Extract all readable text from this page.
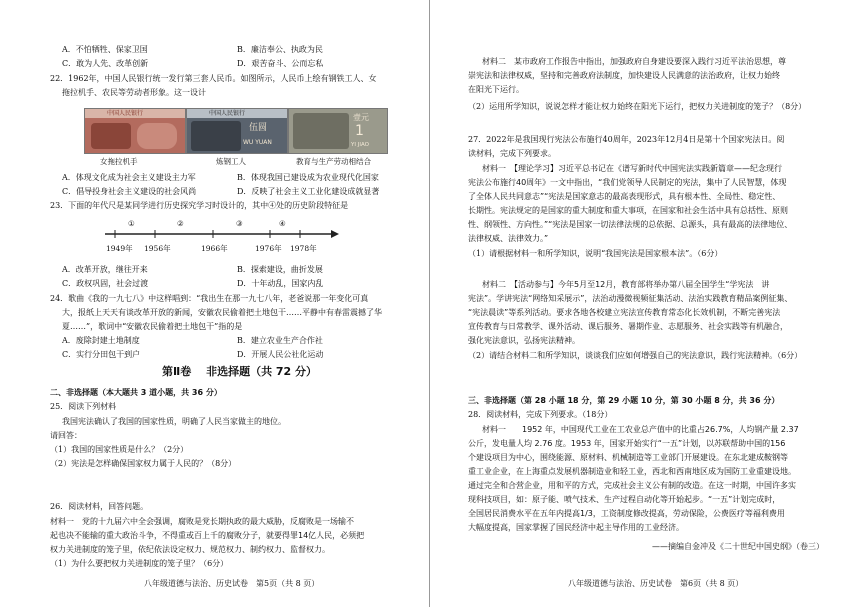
A．不怕牺牲、保家卫国	B．廉洁奉公、执政为民
C．敢为人先、改革创新	D．艰苦奋斗、公而忘私
22．1962年，中国人民银行统一发行第三套人民币。如图所示，人民币上绘有钢铁工人、女
拖拉机手、农民等劳动者形象。这一设计
中国人民银行	中国人民银行
伍圆
WU YUAN
壹元
1
YI JIAO
女拖拉机手	炼钢工人	教育与生产劳动相结合
A．体现文化成为社会主义建设主力军	B．体现我国已建设成为农业现代化国家
C．倡导投身社会主义建设的社会风尚	D．反映了社会主义工业化建设成就显著
23．下面的年代尺是某同学进行历史探究学习时设计的，其中④处的历史阶段特征是
①	②	③	④
1949年 1956年	1966年	1976年 1978年
A．改革开放，继往开来	B．探索建设，曲折发展
C．政权巩固，社会过渡	D．十年动乱，国家内乱
24．歌曲《我的一九七八》中这样唱到：“我出生在那一九七八年，老爸说那一年变化可真
大，报纸上天天有谈改革开放的新闻，安徽农民偷着把土地包干……平静中有春雷震撼了华
夏……”，歌词中“安徽农民偷着把土地包干”指的是
A．废除封建土地制度	B．建立农业生产合作社
C．实行分田包干到户	D．开展人民公社化运动
第Ⅱ卷　 非选择题（共 72 分）
二、非选择题（本大题共 3 道小题，共 36 分）
25．阅读下列材料
我国宪法确认了我国的国家性质，明确了人民当家做主的地位。
请回答：
（1）我国的国家性质是什么？（2分）
（2）宪法是怎样确保国家权力属于人民的？（8分）
26．阅读材料，回答问题。
材料一　党的十九届六中全会强调，腐败是党长期执政的最大威胁，反腐败是一场输不
起也决不能输的重大政治斗争，不得重或百上千的腐败分子，就要得罪14亿人民，必须把
权力关进制度的笼子里，依纪依法设定权力、规范权力、制约权力、监督权力。
（1）为什么要把权力关进制度的笼子里？（6分）
八年级道德与法治、历史试卷　第5页（共 8 页）
材料二　某市政府工作报告中指出，加强政府自身建设要深入践行习近平法治思想，尊
崇宪法和法律权威，坚持和完善政府法制度，加快建设人民满意的法治政府，让权力始终
在阳光下运行。
（2）运用所学知识，说说怎样才能让权力始终在阳光下运行，把权力关进制度的笼子？（8分）
27．2022年是我国现行宪法公布施行40周年，2023年12月4日是第十个国家宪法日。阅
读材料，完成下列要求。
材料一　【理论学习】习近平总书记在《谱写新时代中国宪法实践新篇章——纪念现行
宪法公布施行40周年》一文中指出，“我们党领导人民制定的宪法，集中了人民智慧，体现
了全体人民共同意志”“宪法是国家意志的最高表现形式，具有根本性、全局性、稳定性、
长期性。宪法规定的是国家的重大制度和重大事项，在国家和社会生活中具有总括性、原则
性、纲领性、方向性。”“宪法是国家一切法律法规的总依据、总源头，具有最高的法律地位、
法律权威、法律效力。”
（1）请根据材料一和所学知识，说明“我国宪法是国家根本法”。（6分）
材料二　【活动参与】今年5月至12月，教育部将举办第八届全国学生“学宪法　讲
宪法”。学讲宪法“网络知采展示”，法治动漫微视频征集活动、法治实践教育精品案例征集、
“宪法晨读”等系列活动。要求各地各校建立宪法宣传教育常态化长效机制，不断完善宪法
宣传教育与日常教学、课外活动、课后服务、暑期作业、志愿服务、社会实践等有机融合，
强化宪法意识，弘扬宪法精神。
（2）请结合材料二和所学知识，谈谈我们应如何增强自己的宪法意识，践行宪法精神。（6分）
三、非选择题（第 28 小题 18 分，第 29 小题 10 分，第 30 小题 8 分，共 36 分）
28．阅读材料，完成下列要求。（18分）
材料一　　1952 年，中国现代工业在工农业总产值中的比重占26.7%，人均钢产量 2.37
公斤，发电量人均 2.76 度。1953 年，国家开始实行“一五”计划，以苏联帮助中国的156
个建设项目为中心，围绕能源、原材料、机械制造等工业部门开展建设。在东北建成鞍钢等
重工业企业，在上海重点发展机器制造业和轻工业，西北和西南地区成为国防工业重建设地。
通过完全和合营企业，用和平的方式，完成社会主义公有制的改造。在这一时期，中国许多实
现科技项目，如：原子能、喷气技术、生产过程自动化等开始起步。“一五”计划完成时，
全国居民消费水平在五年内提高1/3，工资制度修改提高，劳动保险，公费医疗等福利费用
大幅度提高，国家掌握了国民经济中起主导作用的工业经济。
——摘编自金冲及《二十世纪中国史纲》（卷三）
八年级道德与法治、历史试卷　第6页（共 8 页）
